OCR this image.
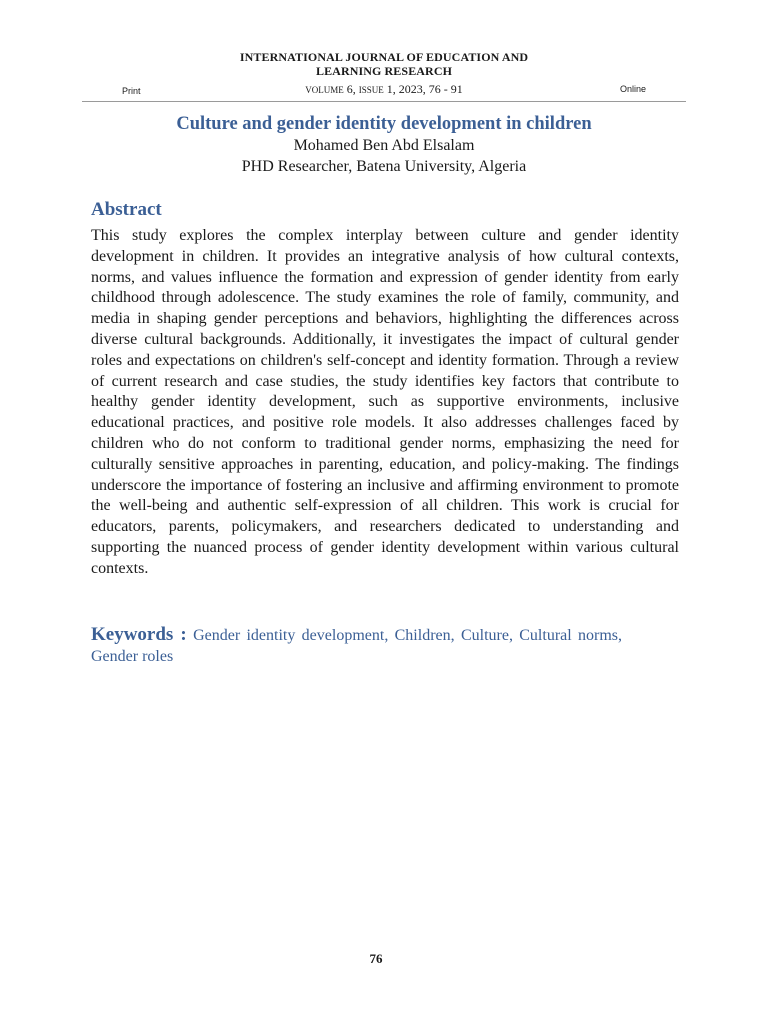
INTERNATIONAL JOURNAL OF EDUCATION AND
LEARNING RESEARCH
Print	VOLUME 6, ISSUE 1, 2023, 76 - 91	Online
Culture and gender identity development in children
Mohamed Ben Abd Elsalam
PHD Researcher, Batena University, Algeria
Abstract

This study explores the complex interplay between culture and gender identity development in children. It provides an integrative analysis of how cultural contexts, norms, and values influence the formation and expression of gender identity from early childhood through adolescence. The study examines the role of family, community, and media in shaping gender perceptions and behaviors, highlighting the differences across diverse cultural backgrounds. Additionally, it investigates the impact of cultural gender roles and expectations on children's self-concept and identity formation. Through a review of current research and case studies, the study identifies key factors that contribute to healthy gender identity development, such as supportive environments, inclusive educational practices, and positive role models. It also addresses challenges faced by children who do not conform to traditional gender norms, emphasizing the need for culturally sensitive approaches in parenting, education, and policy-making. The findings underscore the importance of fostering an inclusive and affirming environment to promote the well-being and authentic self-expression of all children. This work is crucial for educators, parents, policymakers, and researchers dedicated to understanding and supporting the nuanced process of gender identity development within various cultural contexts.

Keywords : Gender identity development, Children, Culture, Cultural norms, Gender roles
76
